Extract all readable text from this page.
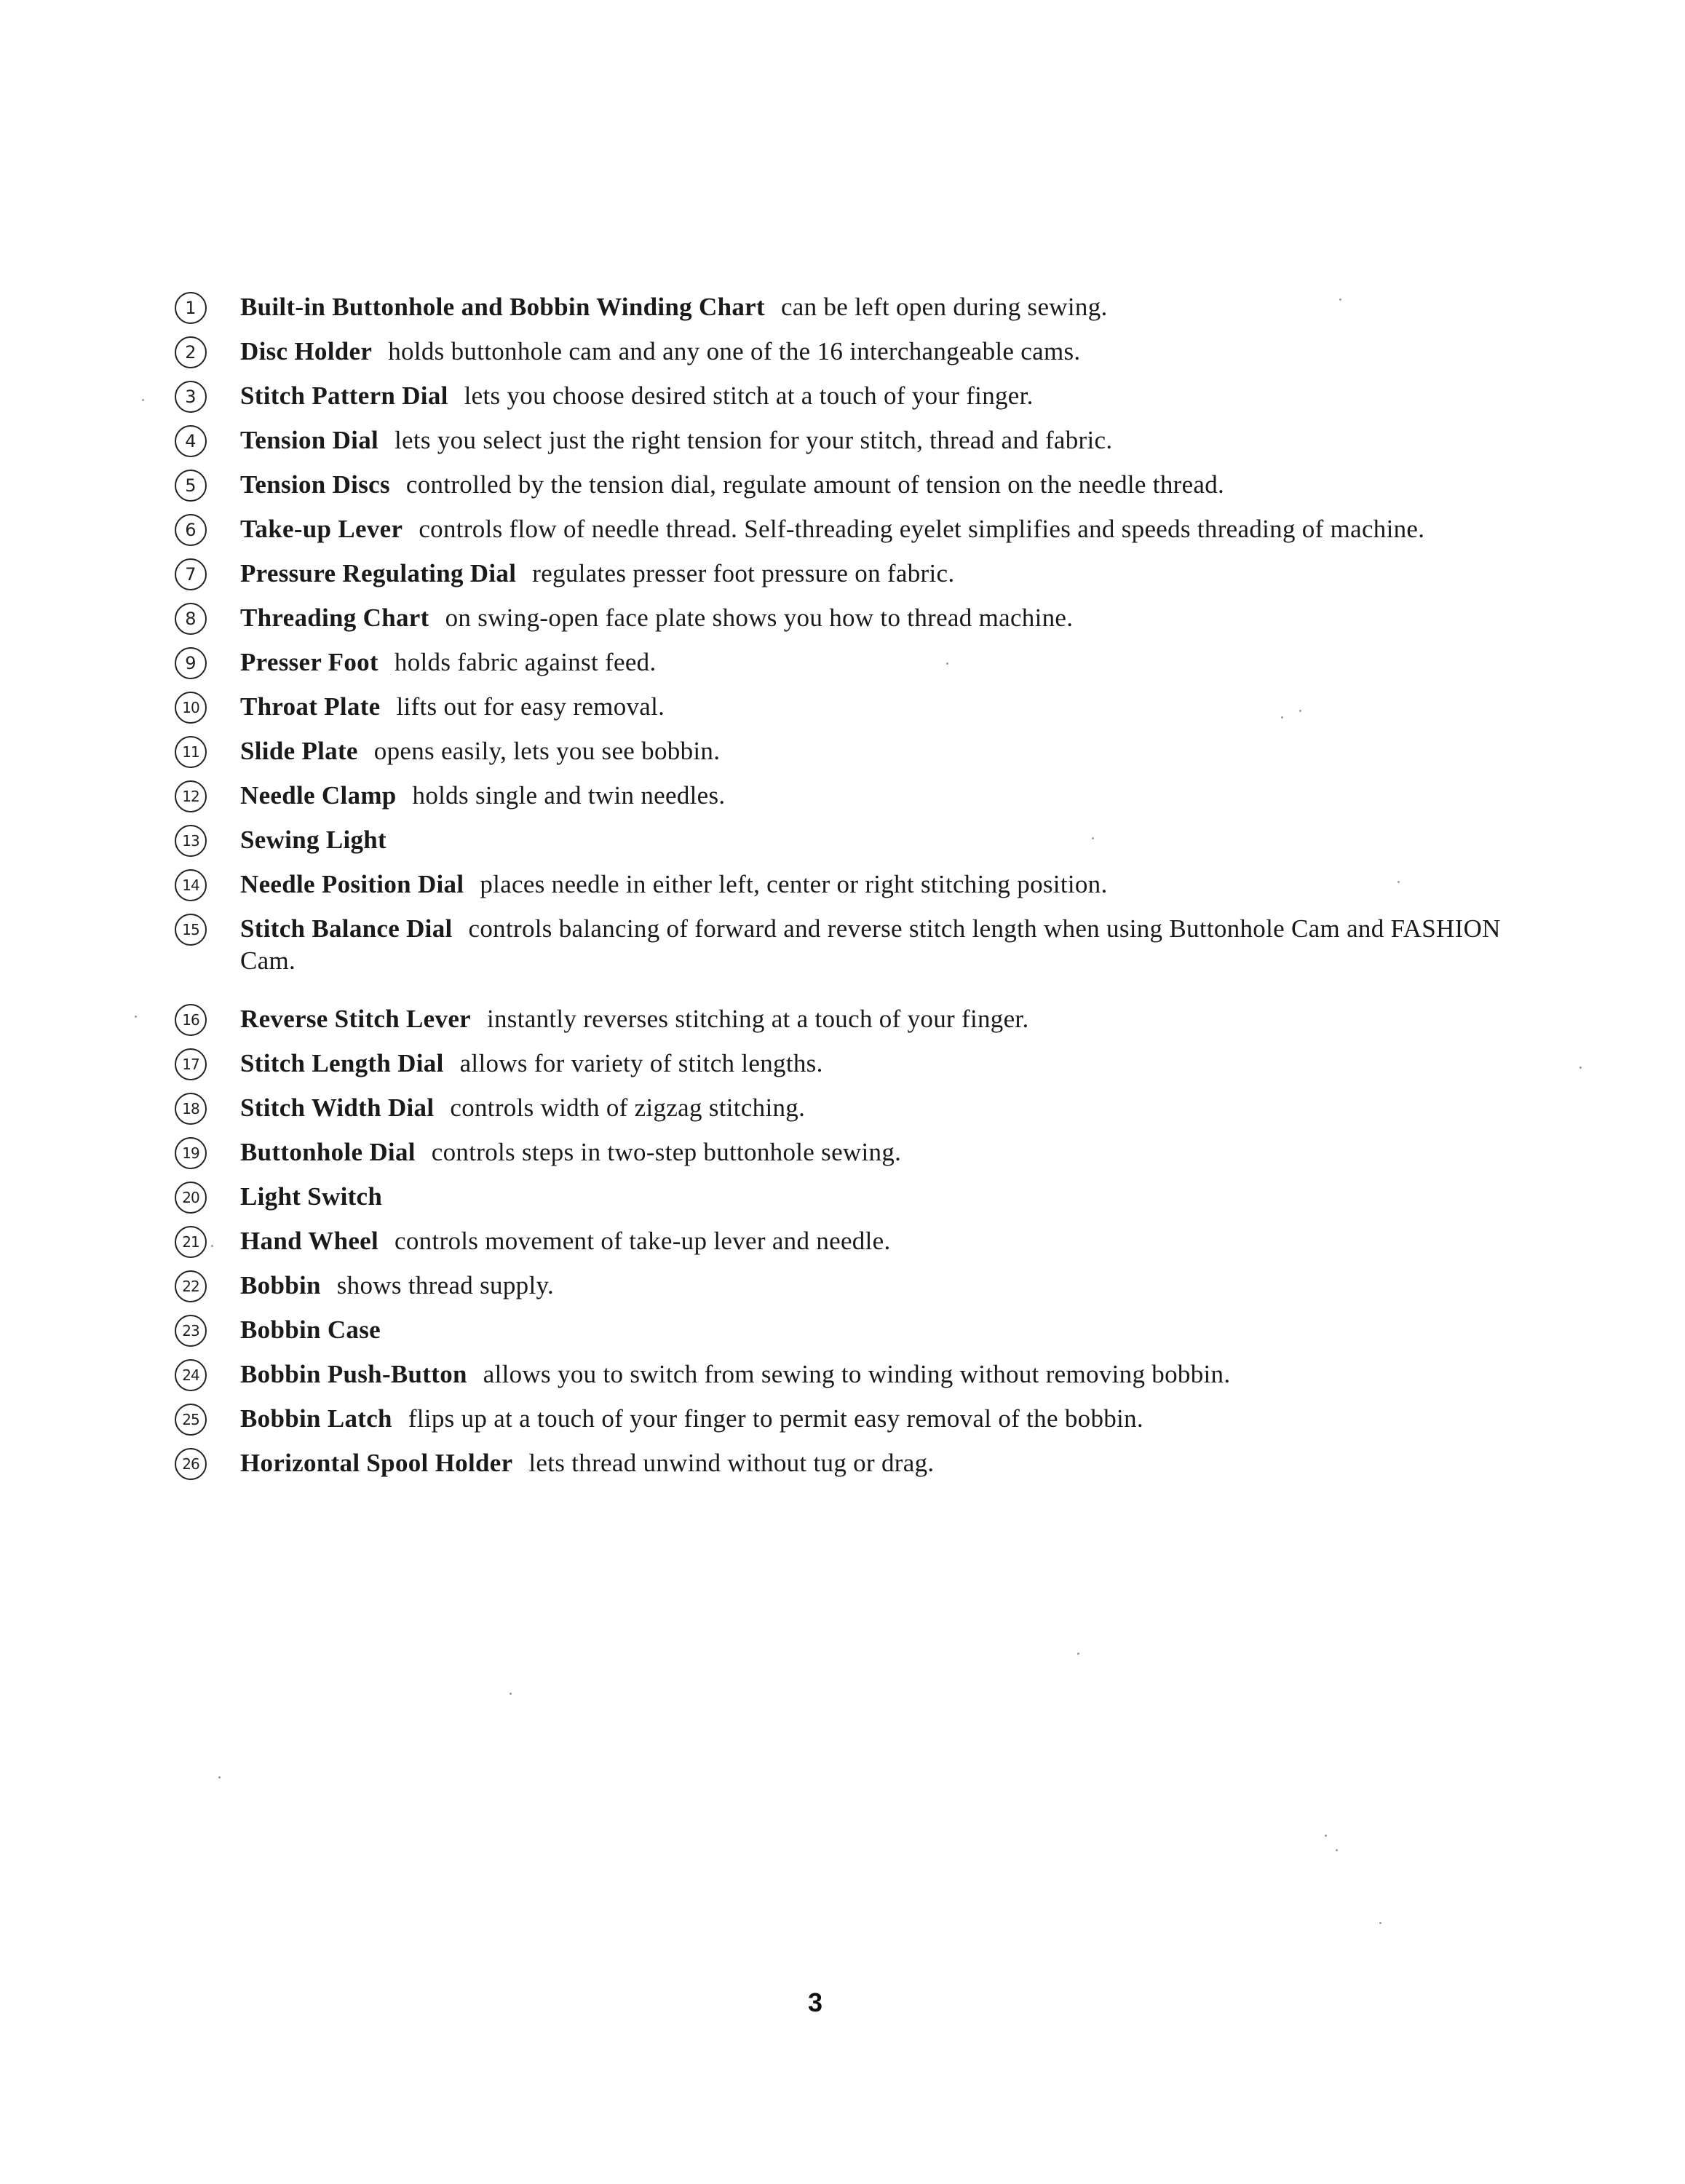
1	Built-in Buttonhole and Bobbin Winding Chart can be left open during sewing.
2	Disc Holder holds buttonhole cam and any one of the 16 interchangeable cams.
3	Stitch Pattern Dial lets you choose desired stitch at a touch of your finger.
4	Tension Dial lets you select just the right tension for your stitch, thread and fabric.
5	Tension Discs controlled by the tension dial, regulate amount of tension on the needle thread.
6	Take-up Lever controls flow of needle thread. Self-threading eyelet simplifies and speeds threading of machine.
7	Pressure Regulating Dial regulates presser foot pressure on fabric.
8	Threading Chart on swing-open face plate shows you how to thread machine.
9	Presser Foot holds fabric against feed.
10 Throat Plate lifts out for easy removal.
11 Slide Plate opens easily, lets you see bobbin.
12 Needle Clamp holds single and twin needles.
13 Sewing Light
14 Needle Position Dial places needle in either left, center or right stitching position.
15 Stitch Balance Dial controls balancing of forward and reverse stitch length when using Buttonhole Cam and FASHION Cam.
16 Reverse Stitch Lever instantly reverses stitching at a touch of your finger.
17 Stitch Length Dial allows for variety of stitch lengths.
18 Stitch Width Dial controls width of zigzag stitching.
19 Buttonhole Dial controls steps in two-step buttonhole sewing.
20 Light Switch
21 Hand Wheel controls movement of take-up lever and needle.
22 Bobbin shows thread supply.
23 Bobbin Case
24 Bobbin Push-Button allows you to switch from sewing to winding without removing bobbin.
25 Bobbin Latch flips up at a touch of your finger to permit easy removal of the bobbin.
26 Horizontal Spool Holder lets thread unwind without tug or drag.
3
